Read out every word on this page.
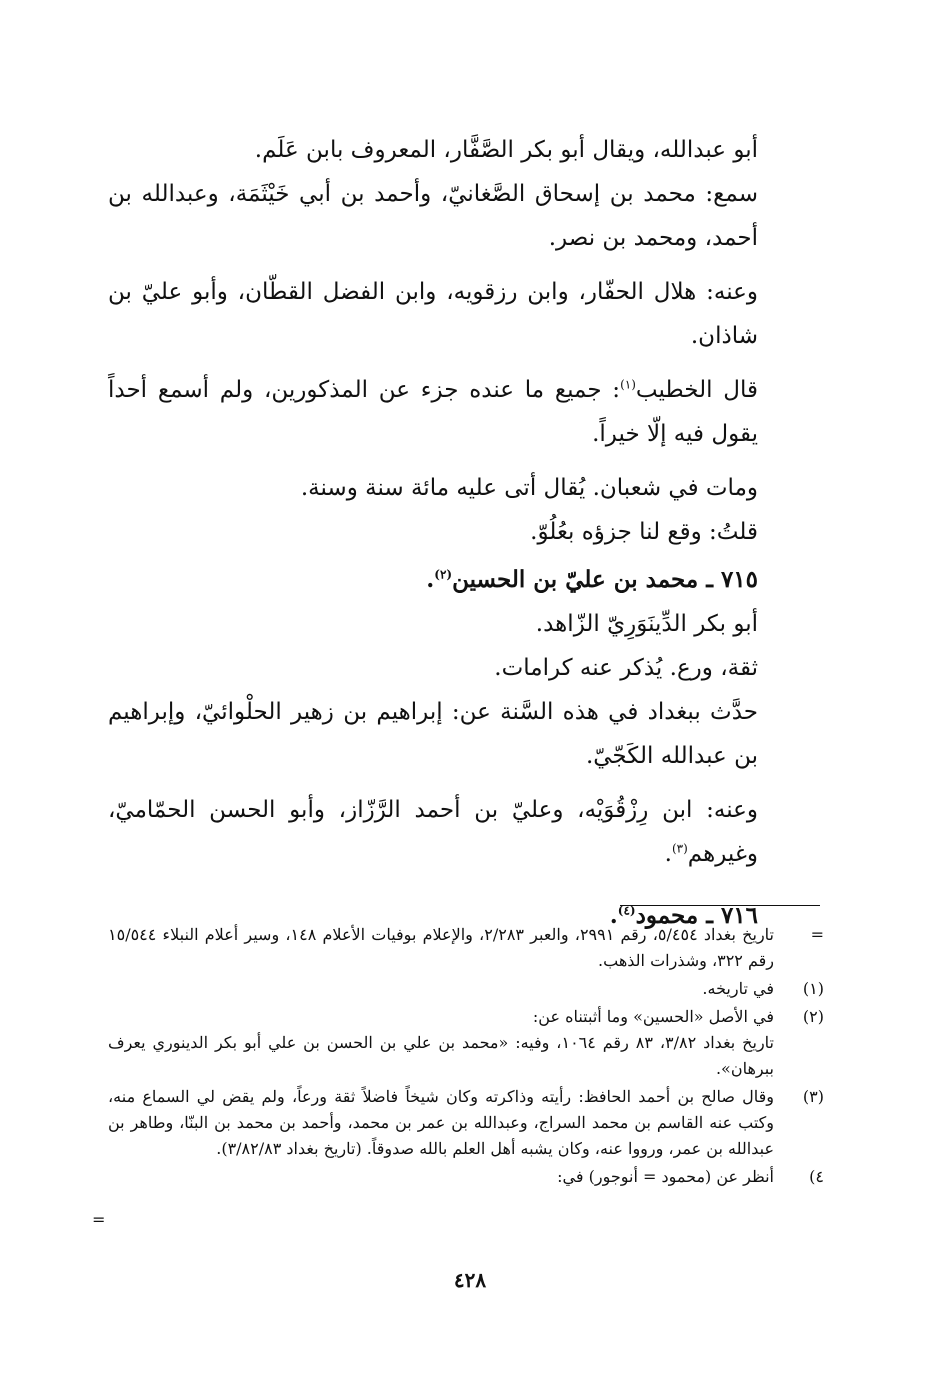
أبو عبدالله، ويقال أبو بكر الصَّفَّار، المعروف بابن عَلَم.

سمع: محمد بن إسحاق الصَّغانيّ، وأحمد بن أبي خَيْثَمَة، وعبدالله بن أحمد، ومحمد بن نصر.

وعنه: هلال الحفّار، وابن رزقويه، وابن الفضل القطّان، وأبو عليّ بن شاذان.

قال الخطيب$^{(١)}$: جميع ما عنده جزء عن المذكورين، ولم أسمع أحداً يقول فيه إلّا خيراً.

ومات في شعبان. يُقال أتى عليه مائة سنة وسنة.

قلتُ: وقع لنا جزؤه بعُلُوّ.

٧١٥ ـ محمد بن عليّ بن الحسين$^{(٢)}$.

أبو بكر الدِّينَوَرِيّ الزّاهد.

ثقة، ورع. يُذكر عنه كرامات.

حدَّث ببغداد في هذه السَّنة عن: إبراهيم بن زهير الحلْوائيّ، وإبراهيم بن عبدالله الكَجّيّ.

وعنه: ابن رِزْقُوَيْه، وعليّ بن أحمد الرَّزّاز، وأبو الحسن الحمّاميّ، وغيرهم$^{(٣)}$.

٧١٦ ـ محمود$^{(٤)}$.

=
تاريخ بغداد ٥/٤٥٤، رقم ٢٩٩١، والعبر ٢/٢٨٣، والإعلام بوفيات الأعلام ١٤٨، وسير أعلام النبلاء ١٥/٥٤٤ رقم ٣٢٢، وشذرات الذهب.
(١)
في تاريخه.
(٢)
في الأصل «الحسين» وما أثبتناه عن:
تاريخ بغداد ٣/٨٢، ٨٣ رقم ١٠٦٤، وفيه: «محمد بن علي بن الحسن بن علي أبو بكر الدينوري يعرف ببرهان».
(٣)
وقال صالح بن أحمد الحافظ: رأيته وذاكرته وكان شيخاً فاضلاً ثقة ورعاً، ولم يقض لي السماع منه، وكتب عنه القاسم بن محمد السراج، وعبدالله بن عمر بن محمد، وأحمد بن محمد بن البنّا، وطاهر بن عبدالله بن عمر، ورووا عنه، وكان يشبه أهل العلم بالله صدوقاً. (تاريخ بغداد ٣/٨٢/٨٣).
٤)
أنظر عن (محمود = أنوجور) في:
=
٤٢٨
